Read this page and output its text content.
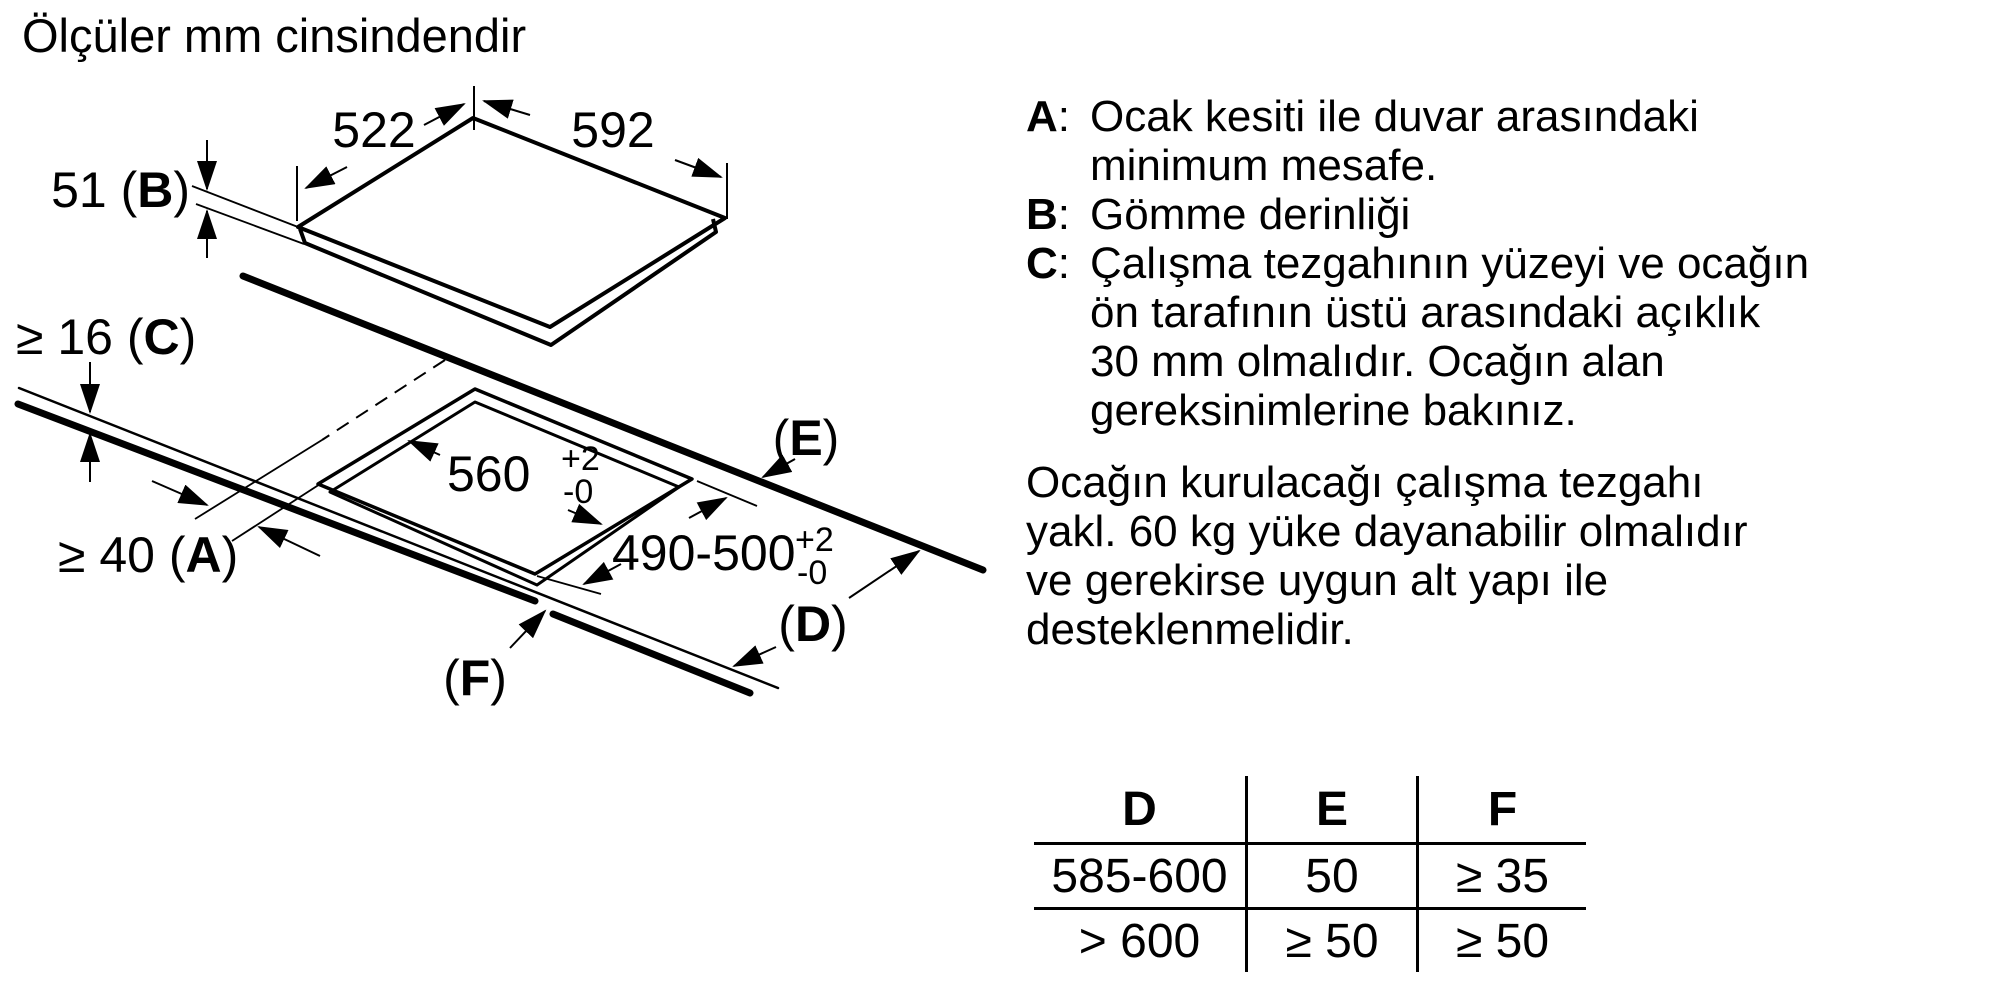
Ölçüler mm cinsindendir
522	592
51 (B)
≥ 16 (C)
≥ 40 (A)
560 +2
-0
490-500 +2
-0
(E)
(D)
(F)
A: Ocak kesiti ile duvar arasındaki
minimum mesafe.
B: Gömme derinliği
C: Çalışma tezgahının yüzeyi ve ocağın
ön tarafının üstü arasındaki açıklık
30 mm olmalıdır. Ocağın alan
gereksinimlerine bakınız.
Ocağın kurulacağı çalışma tezgahı
yakl. 60 kg yüke dayanabilir olmalıdır
ve gerekirse uygun alt yapı ile
desteklenmelidir.
D	E	F
585-600	50	≥ 35
> 600	≥ 50	≥ 50
